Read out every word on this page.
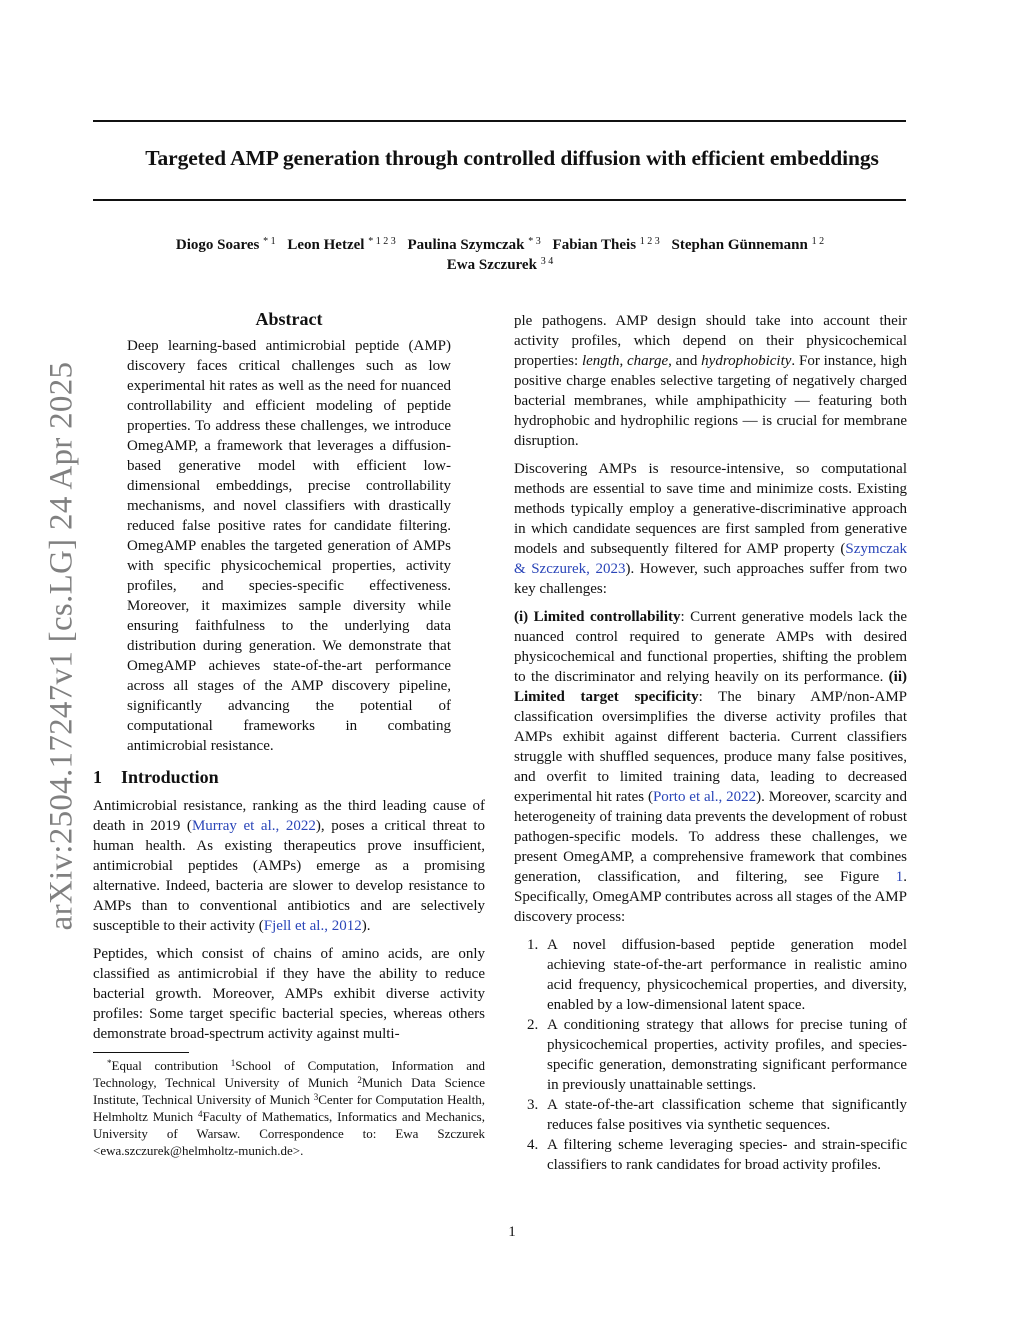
Targeted AMP generation through controlled diffusion with efficient embeddings
Diogo Soares $^{* 1}$ Leon Hetzel $^{* 1 2 3}$ Paulina Szymczak $^{* 3}$ Fabian Theis $^{1 2 3}$ Stephan Günnemann $^{1 2}$
Ewa Szczurek $^{3 4}$
arXiv:2504.17247v1 [cs.LG] 24 Apr 2025
Abstract

Deep learning-based antimicrobial peptide (AMP) discovery faces critical challenges such as low experimental hit rates as well as the need for nuanced controllability and efficient modeling of peptide properties. To address these challenges, we introduce OmegAMP, a framework that leverages a diffusion-based generative model with efficient low-dimensional embeddings, precise controllability mechanisms, and novel classifiers with drastically reduced false positive rates for candidate filtering. OmegAMP enables the targeted generation of AMPs with specific physicochemical properties, activity profiles, and species-specific effectiveness. Moreover, it maximizes sample diversity while ensuring faithfulness to the underlying data distribution during generation. We demonstrate that OmegAMP achieves state-of-the-art performance across all stages of the AMP discovery pipeline, significantly advancing the potential of computational frameworks in combating antimicrobial resistance.

1 Introduction

Antimicrobial resistance, ranking as the third leading cause of death in 2019 (Murray et al., 2022), poses a critical threat to human health. As existing therapeutics prove insufficient, antimicrobial peptides (AMPs) emerge as a promising alternative. Indeed, bacteria are slower to develop resistance to AMPs than to conventional antibiotics and are selectively susceptible to their activity (Fjell et al., 2012).

Peptides, which consist of chains of amino acids, are only classified as antimicrobial if they have the ability to reduce bacterial growth. Moreover, AMPs exhibit diverse activity profiles: Some target specific bacterial species, whereas others demonstrate broad-spectrum activity against multi-

*Equal contribution $^1$School of Computation, Information and Technology, Technical University of Munich $^2$Munich Data Science Institute, Technical University of Munich $^3$Center for Computation Health, Helmholtz Munich $^4$Faculty of Mathematics, Informatics and Mechanics, University of Warsaw. Correspondence to: Ewa Szczurek <ewa.szczurek@helmholtz-munich.de>.

ple pathogens. AMP design should take into account their activity profiles, which depend on their physicochemical properties: length, charge, and hydrophobicity. For instance, high positive charge enables selective targeting of negatively charged bacterial membranes, while amphipathicity — featuring both hydrophobic and hydrophilic regions — is crucial for membrane disruption.

Discovering AMPs is resource-intensive, so computational methods are essential to save time and minimize costs. Existing methods typically employ a generative-discriminative approach in which candidate sequences are first sampled from generative models and subsequently filtered for AMP property (Szymczak & Szczurek, 2023). However, such approaches suffer from two key challenges:

(i) Limited controllability: Current generative models lack the nuanced control required to generate AMPs with desired physicochemical and functional properties, shifting the problem to the discriminator and relying heavily on its performance. (ii) Limited target specificity: The binary AMP/non-AMP classification oversimplifies the diverse activity profiles that AMPs exhibit against different bacteria. Current classifiers struggle with shuffled sequences, produce many false positives, and overfit to limited training data, leading to decreased experimental hit rates (Porto et al., 2022). Moreover, scarcity and heterogeneity of training data prevents the development of robust pathogen-specific models. To address these challenges, we present OmegAMP, a comprehensive framework that combines generation, classification, and filtering, see Figure 1. Specifically, OmegAMP contributes across all stages of the AMP discovery process:

1. A novel diffusion-based peptide generation model achieving state-of-the-art performance in realistic amino acid frequency, physicochemical properties, and diversity, enabled by a low-dimensional latent space.
2. A conditioning strategy that allows for precise tuning of physicochemical properties, activity profiles, and species-specific generation, demonstrating significant performance in previously unattainable settings.
3. A state-of-the-art classification scheme that significantly reduces false positives via synthetic sequences.
4. A filtering scheme leveraging species- and strain-specific classifiers to rank candidates for broad activity profiles.
1
